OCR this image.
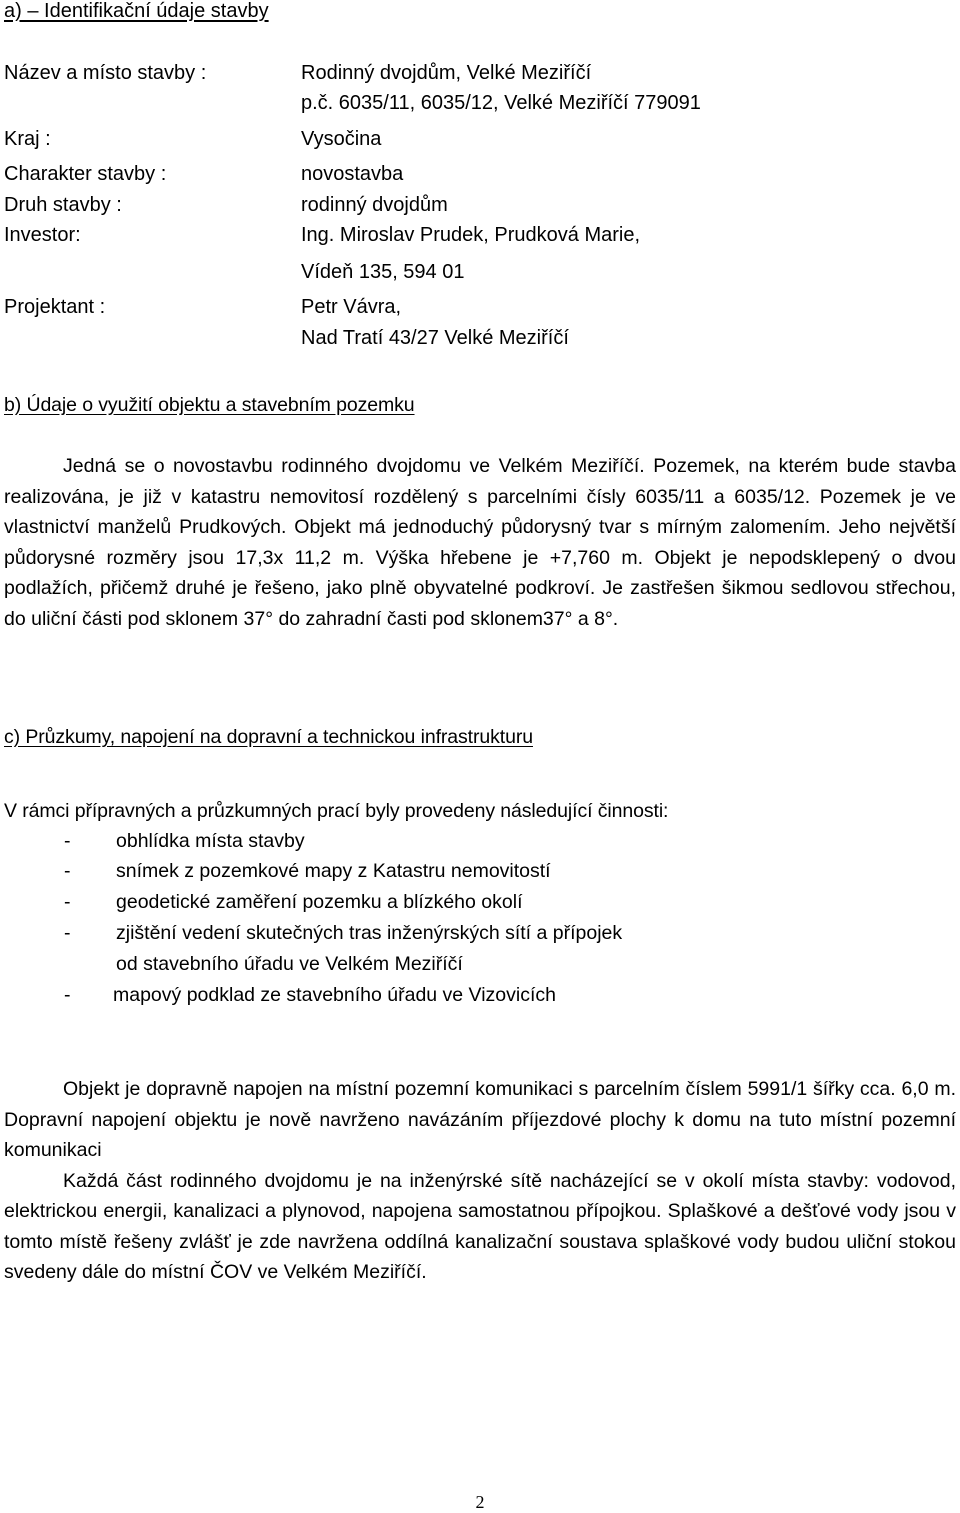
a) – Identifikační údaje stavby
Název a místo stavby :	Rodinný dvojdům, Velké Meziříčí
p.č. 6035/11, 6035/12, Velké Meziříčí 779091
Kraj :	Vysočina
Charakter stavby :	novostavba
Druh stavby :	rodinný dvojdům
Investor:	Ing. Miroslav Prudek, Prudková Marie,
Vídeň 135, 594 01
Projektant :	Petr Vávra,
Nad Tratí 43/27 Velké Meziříčí
b) Údaje o využití objektu a stavebním pozemku

Jedná se o novostavbu rodinného dvojdomu ve Velkém Meziříčí. Pozemek, na kterém bude stavba realizována, je již v katastru nemovitosí rozdělený s parcelními čísly 6035/11 a 6035/12. Pozemek je ve vlastnictví manželů Prudkových. Objekt má jednoduchý půdorysný tvar s mírným zalomením. Jeho největší půdorysné rozměry jsou 17,3x 11,2 m. Výška hřebene je +7,760 m. Objekt je nepodsklepený o dvou podlažích, přičemž druhé je řešeno, jako plně obyvatelné podkroví. Je zastřešen šikmou sedlovou střechou, do uliční části pod sklonem 37° do zahradní časti pod sklonem37° a 8°.

c) Průzkumy, napojení na dopravní a technickou infrastrukturu
V rámci přípravných a průzkumných prací byly provedeny následující činnosti:
- obhlídka místa stavby
- snímek z pozemkové mapy z Katastru nemovitostí
- geodetické zaměření pozemku a blízkého okolí
- zjištění vedení skutečných tras inženýrských sítí a přípojek
od stavebního úřadu ve Velkém Meziříčí
- mapový podklad ze stavebního úřadu ve Vizovicích

Objekt je dopravně napojen na místní pozemní komunikaci s parcelním číslem 5991/1 šířky cca. 6,0 m. Dopravní napojení objektu je nově navrženo navázáním příjezdové plochy k domu na tuto místní pozemní komunikaci

Každá část rodinného dvojdomu je na inženýrské sítě nacházející se v okolí místa stavby: vodovod, elektrickou energii, kanalizaci a plynovod, napojena samostatnou přípojkou. Splaškové a dešťové vody jsou v tomto místě řešeny zvlášť je zde navržena oddílná kanalizační soustava splaškové vody budou uliční stokou svedeny dále do místní ČOV ve Velkém Meziříčí.

2
